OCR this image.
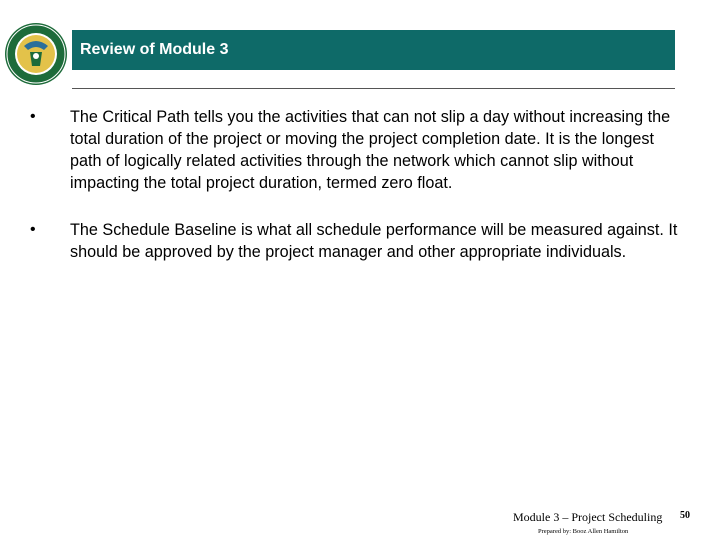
Review of Module 3
•	The Critical Path tells you the activities that can not slip a day without increasing the total duration of the project or moving the project completion date. It is the longest path of logically related activities through the network which cannot slip without impacting the total project duration, termed zero float.
•	The Schedule Baseline is what all schedule performance will be measured against. It should be approved by the project manager and other appropriate individuals.
Module 3 – Project Scheduling 50
Prepared by: Booz Allen Hamilton
